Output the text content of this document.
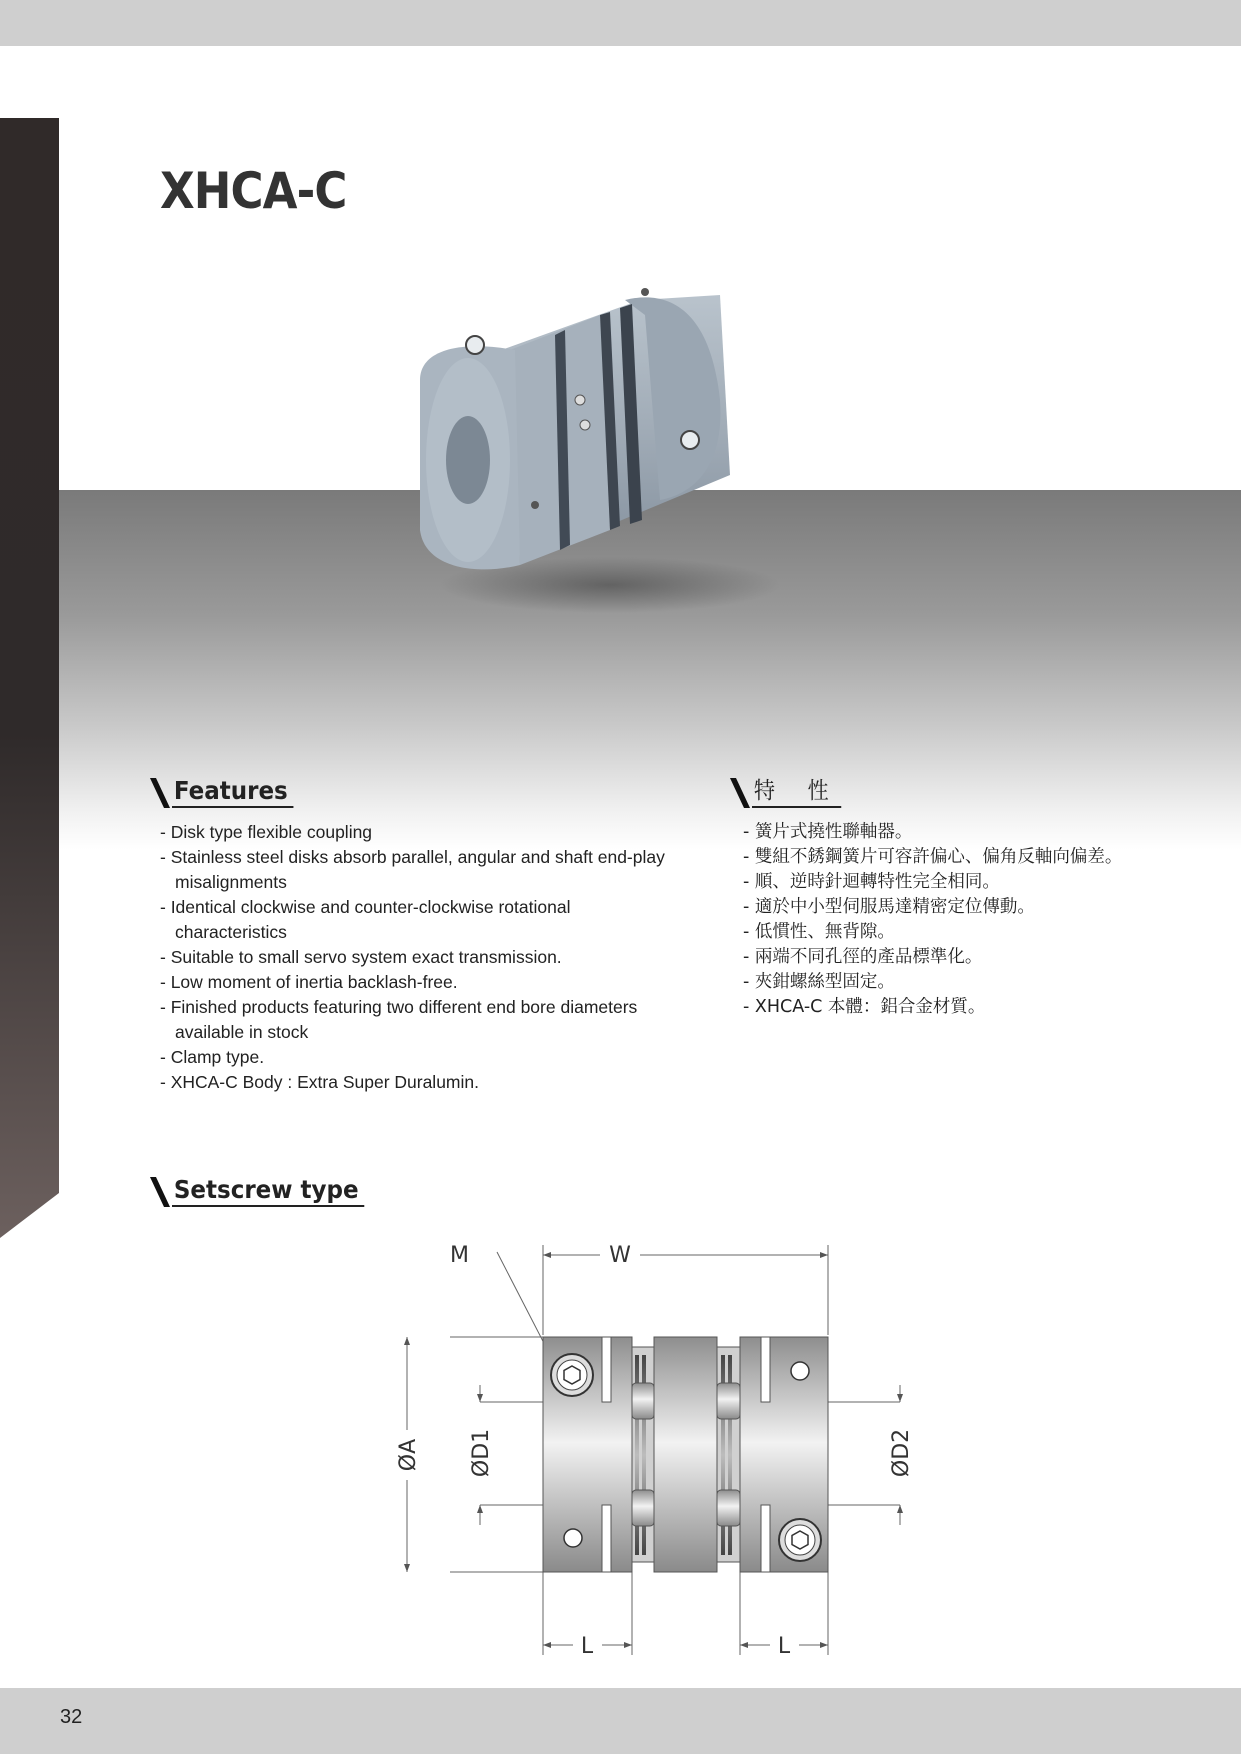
XHCA-C
Features	特 性
- Disk type flexible coupling
- Stainless steel disks absorb parallel, angular and shaft end-play misalignments
- Identical clockwise and counter-clockwise rotational characteristics
- Suitable to small servo system exact transmission.
- Low moment of inertia backlash-free.
- Finished products featuring two different end bore diameters available in stock
- Clamp type.
- XHCA-C Body : Extra Super Duralumin.
- 簧片式撓性聯軸器。
- 雙組不銹鋼簧片可容許偏心、偏角反軸向偏差。
- 順、逆時針迴轉特性完全相同。
- 適於中小型伺服馬達精密定位傳動。
- 低慣性、無背隙。
- 兩端不同孔徑的產品標準化。
- 夾鉗螺絲型固定。
- XHCA-C 本體：鋁合金材質。
Setscrew type
M	W
L	L
ØA ØD1	ØD2
32
